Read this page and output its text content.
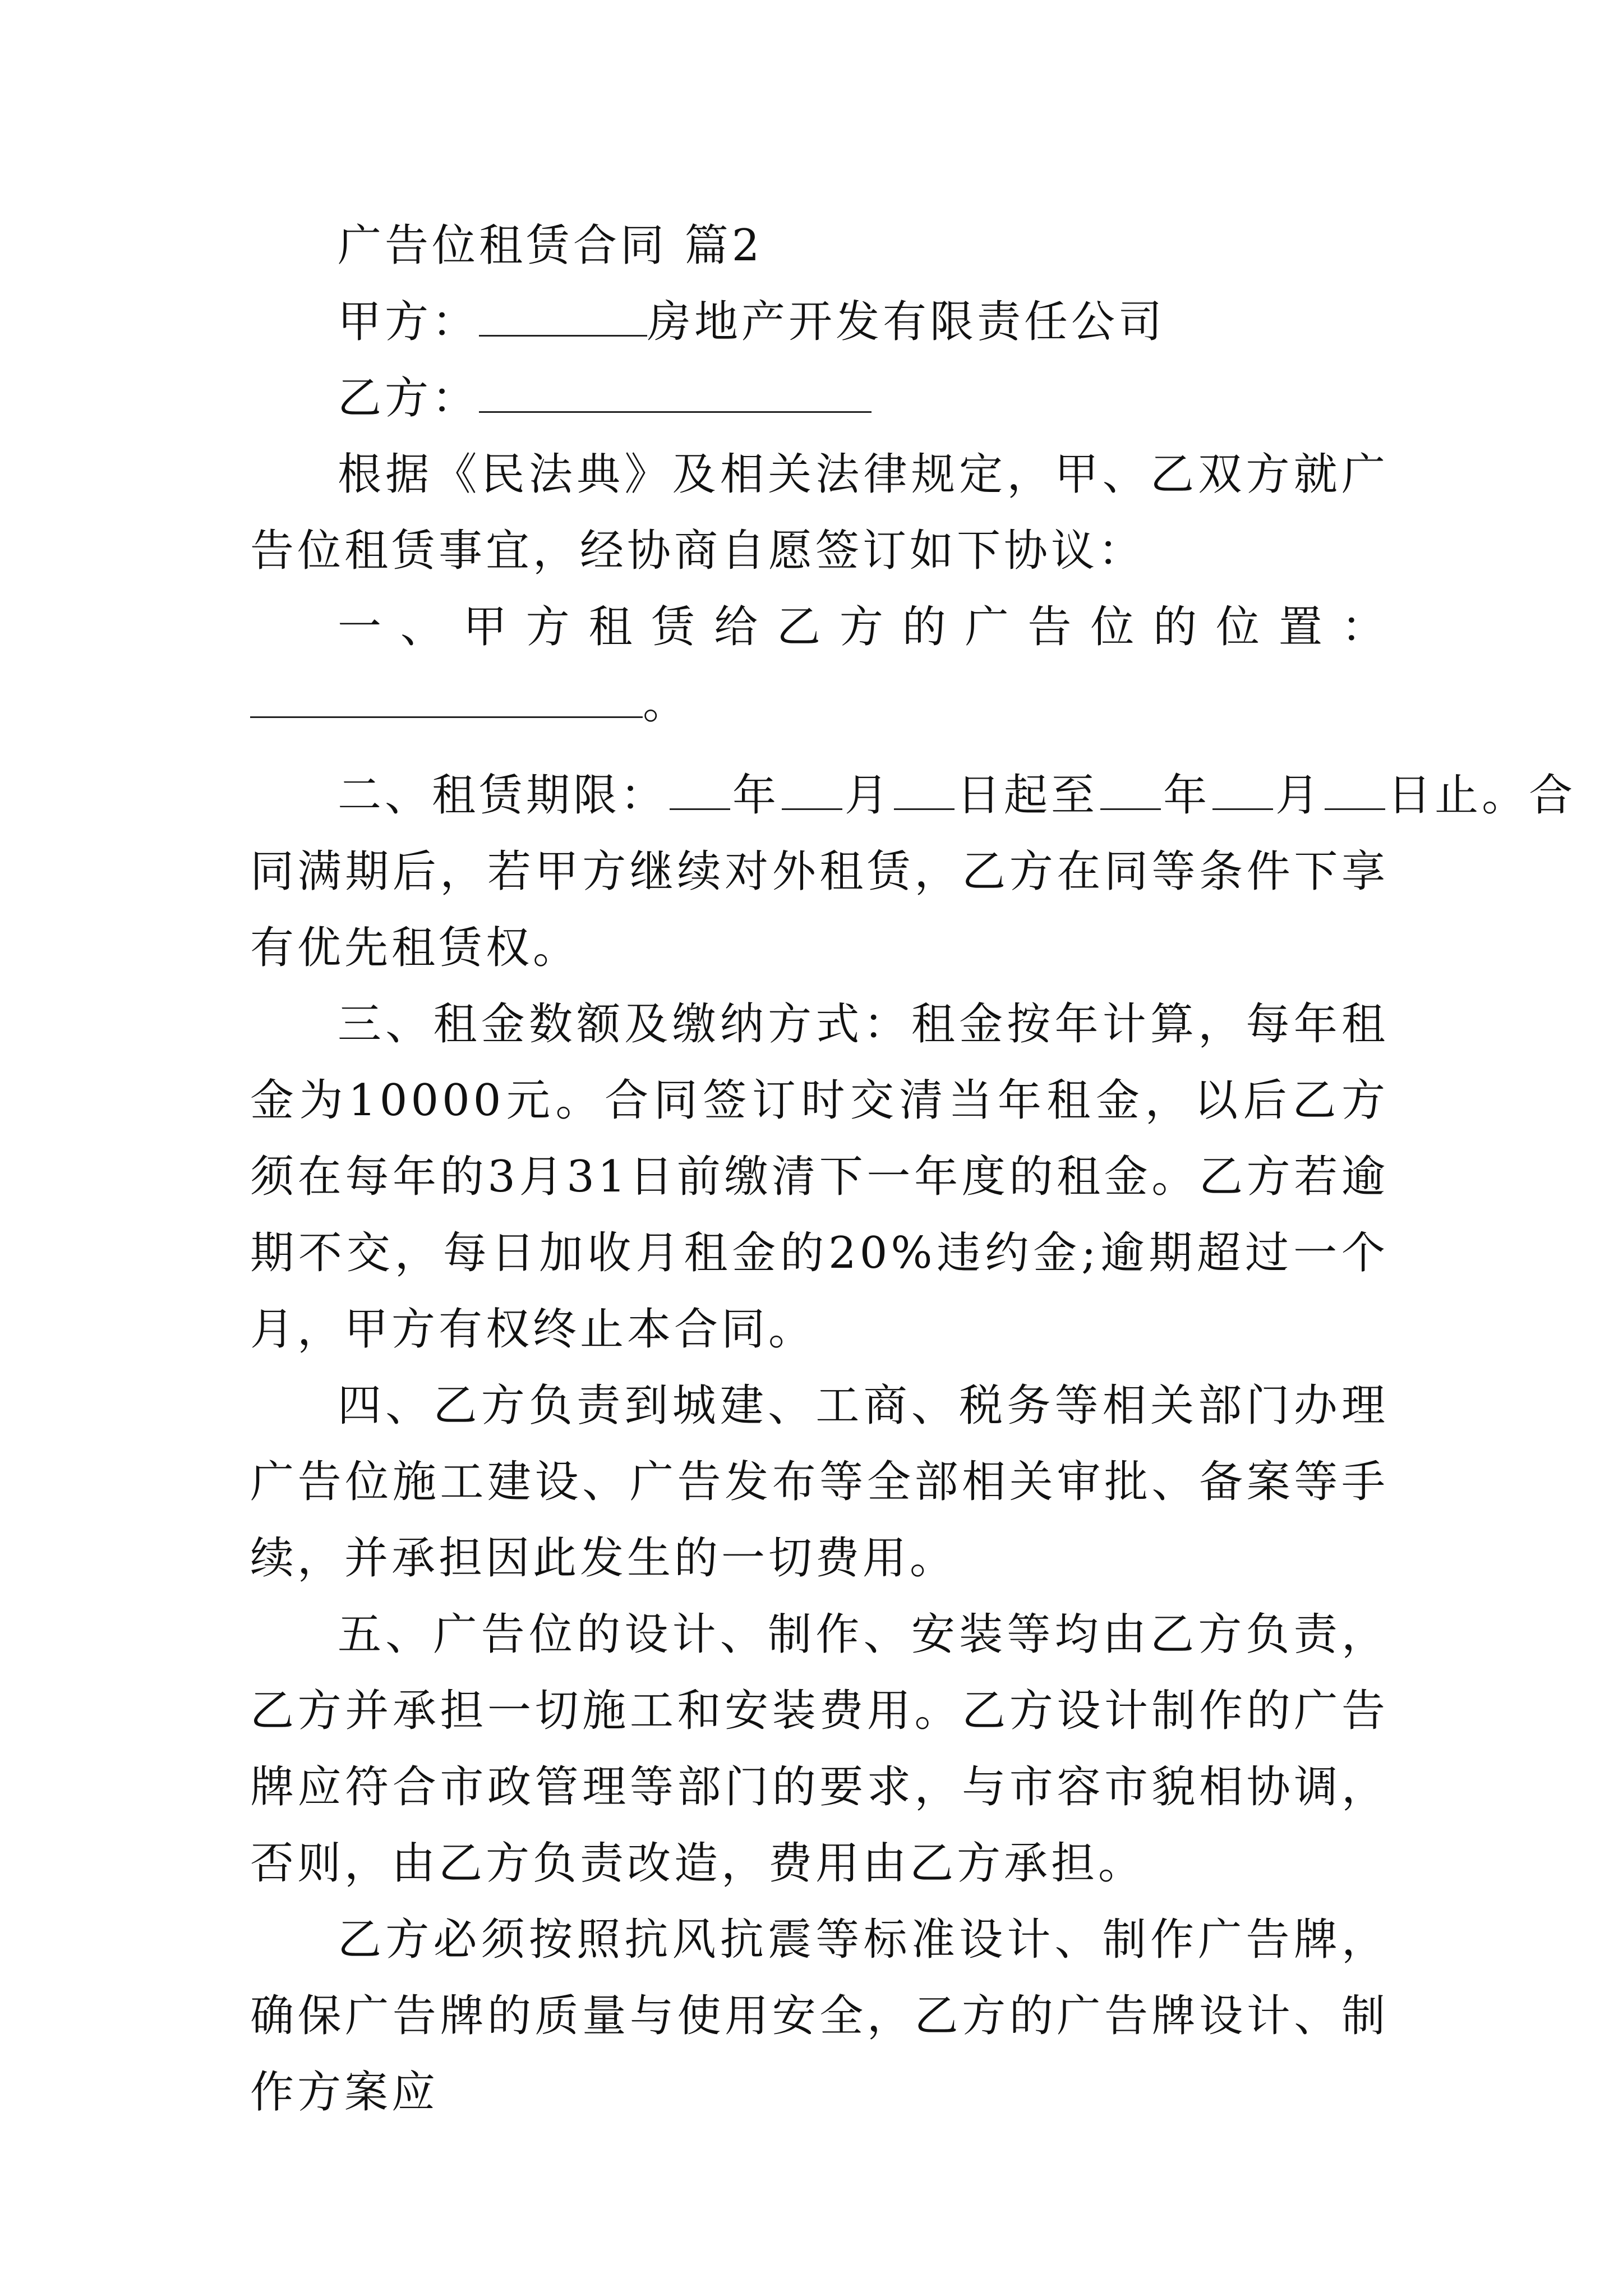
广告位租赁合同 篇2
甲方：	房地产开发有限责任公司
乙方：

根据《民法典》及相关法律规定，甲、乙双方就广告位租赁事宜，经协商自愿签订如下协议：

一 、 甲 方 租 赁 给 乙 方 的 广 告 位 的 位 置 ：
。
二、租赁期限： 年 月 日起至 年 月 日止。合

同满期后，若甲方继续对外租赁，乙方在同等条件下享有优先租赁权。

三、租金数额及缴纳方式：租金按年计算，每年租金为10000元。合同签订时交清当年租金，以后乙方须在每年的3月31日前缴清下一年度的租金。乙方若逾期不交，每日加收月租金的20%违约金;逾期超过一个月，甲方有权终止本合同。

四、乙方负责到城建、工商、税务等相关部门办理广告位施工建设、广告发布等全部相关审批、备案等手续，并承担因此发生的一切费用。

五、广告位的设计、制作、安装等均由乙方负责，乙方并承担一切施工和安装费用。乙方设计制作的广告牌应符合市政管理等部门的要求，与市容市貌相协调，否则，由乙方负责改造，费用由乙方承担。

乙方必须按照抗风抗震等标准设计、制作广告牌，确保广告牌的质量与使用安全，乙方的广告牌设计、制作方案应
